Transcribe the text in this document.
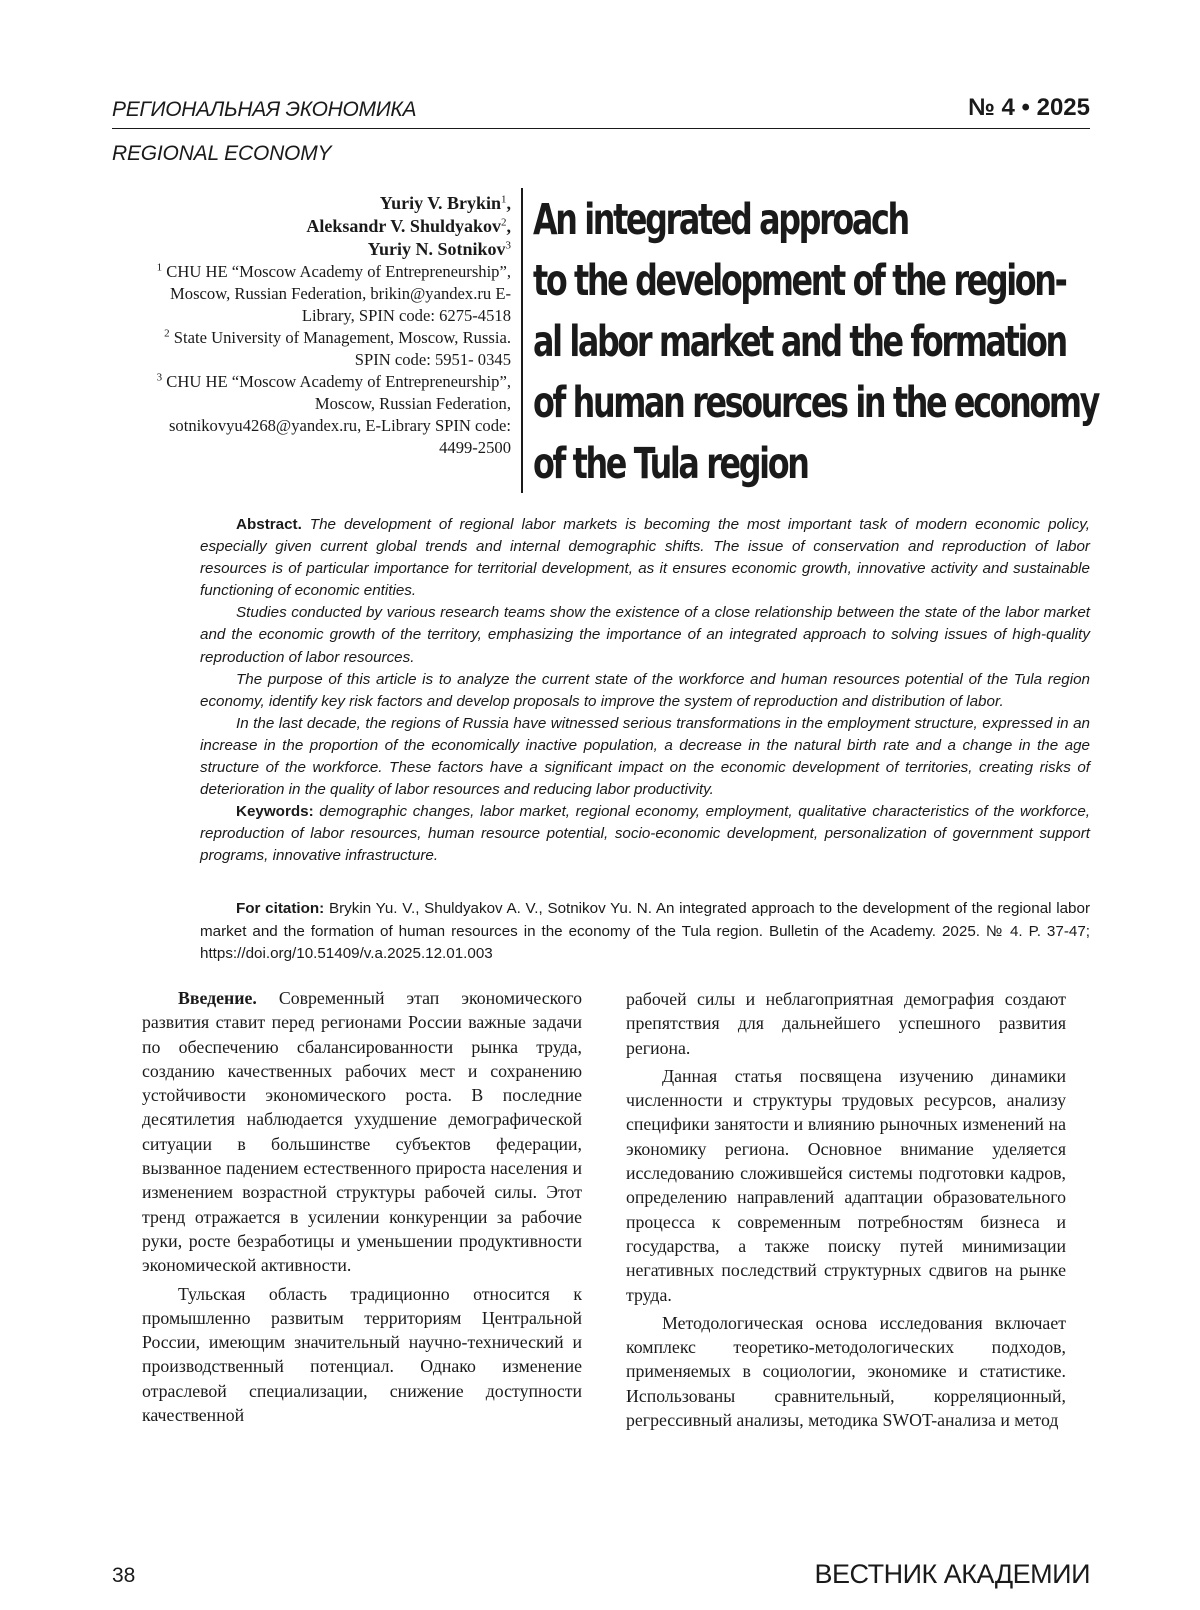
РЕГИОНАЛЬНАЯ ЭКОНОМИКА	№ 4 • 2025
REGIONAL ECONOMY
Yuriy V. Brykin$^1$,
Aleksandr V. Shuldyakov$^2$,
Yuriy N. Sotnikov$^3$
$^1$ CHU HE “Moscow Academy of Entrepreneurship”, Moscow, Russian Federation, brikin@yandex.ru E-Library, SPIN code: 6275-4518
$^2$ State University of Management, Moscow, Russia. SPIN code: 5951- 0345
$^3$ CHU HE “Moscow Academy of Entrepreneurship”, Moscow, Russian Federation, sotnikovyu4268@yandex.ru, E-Library SPIN code: 4499-2500
An integrated approach
to the development of the region-
al labor market and the formation
of human resources in the economy
of the Tula region

Abstract. The development of regional labor markets is becoming the most important task of modern economic policy, especially given current global trends and internal demographic shifts. The issue of conservation and reproduction of labor resources is of particular importance for territorial development, as it ensures economic growth, innovative activity and sustainable functioning of economic entities.

Studies conducted by various research teams show the existence of a close relationship between the state of the labor market and the economic growth of the territory, emphasizing the importance of an integrated approach to solving issues of high-quality reproduction of labor resources.

The purpose of this article is to analyze the current state of the workforce and human resources potential of the Tula region economy, identify key risk factors and develop proposals to improve the system of reproduction and distribution of labor.

In the last decade, the regions of Russia have witnessed serious transformations in the employment structure, expressed in an increase in the proportion of the economically inactive population, a decrease in the natural birth rate and a change in the age structure of the workforce. These factors have a significant impact on the economic development of territories, creating risks of deterioration in the quality of labor resources and reducing labor productivity.

Keywords: demographic changes, labor market, regional economy, employment, qualitative characteristics of the workforce, reproduction of labor resources, human resource potential, socio-economic development, personalization of government support programs, innovative infrastructure.

For citation: Brykin Yu. V., Shuldyakov A. V., Sotnikov Yu. N. An integrated approach to the development of the regional labor market and the formation of human resources in the economy of the Tula region. Bulletin of the Academy. 2025. № 4. P. 37-47; https://doi.org/10.51409/v.a.2025.12.01.003

Введение. Современный этап экономического развития ставит перед регионами России важные задачи по обеспечению сбалансированности рынка труда, созданию качественных рабочих мест и сохранению устойчивости экономического роста. В последние десятилетия наблюдается ухудшение демографической ситуации в большинстве субъектов федерации, вызванное падением естественного прироста населения и изменением возрастной структуры рабочей силы. Этот тренд отражается в усилении конкуренции за рабочие руки, росте безработицы и уменьшении продуктивности экономической активности.

Тульская область традиционно относится к промышленно развитым территориям Центральной России, имеющим значительный научно-технический и производственный потенциал. Однако изменение отраслевой специализации, снижение доступности качественной

рабочей силы и неблагоприятная демография создают препятствия для дальнейшего успешного развития региона.

Данная статья посвящена изучению динамики численности и структуры трудовых ресурсов, анализу специфики занятости и влиянию рыночных изменений на экономику региона. Основное внимание уделяется исследованию сложившейся системы подготовки кадров, определению направлений адаптации образовательного процесса к современным потребностям бизнеса и государства, а также поиску путей минимизации негативных последствий структурных сдвигов на рынке труда.

Методологическая основа исследования включает комплекс теоретико-методологических подходов, применяемых в социологии, экономике и статистике. Использованы сравнительный, корреляционный, регрессивный анализы, методика SWOT-анализа и метод

38	ВЕСТНИК АКАДЕМИИ
